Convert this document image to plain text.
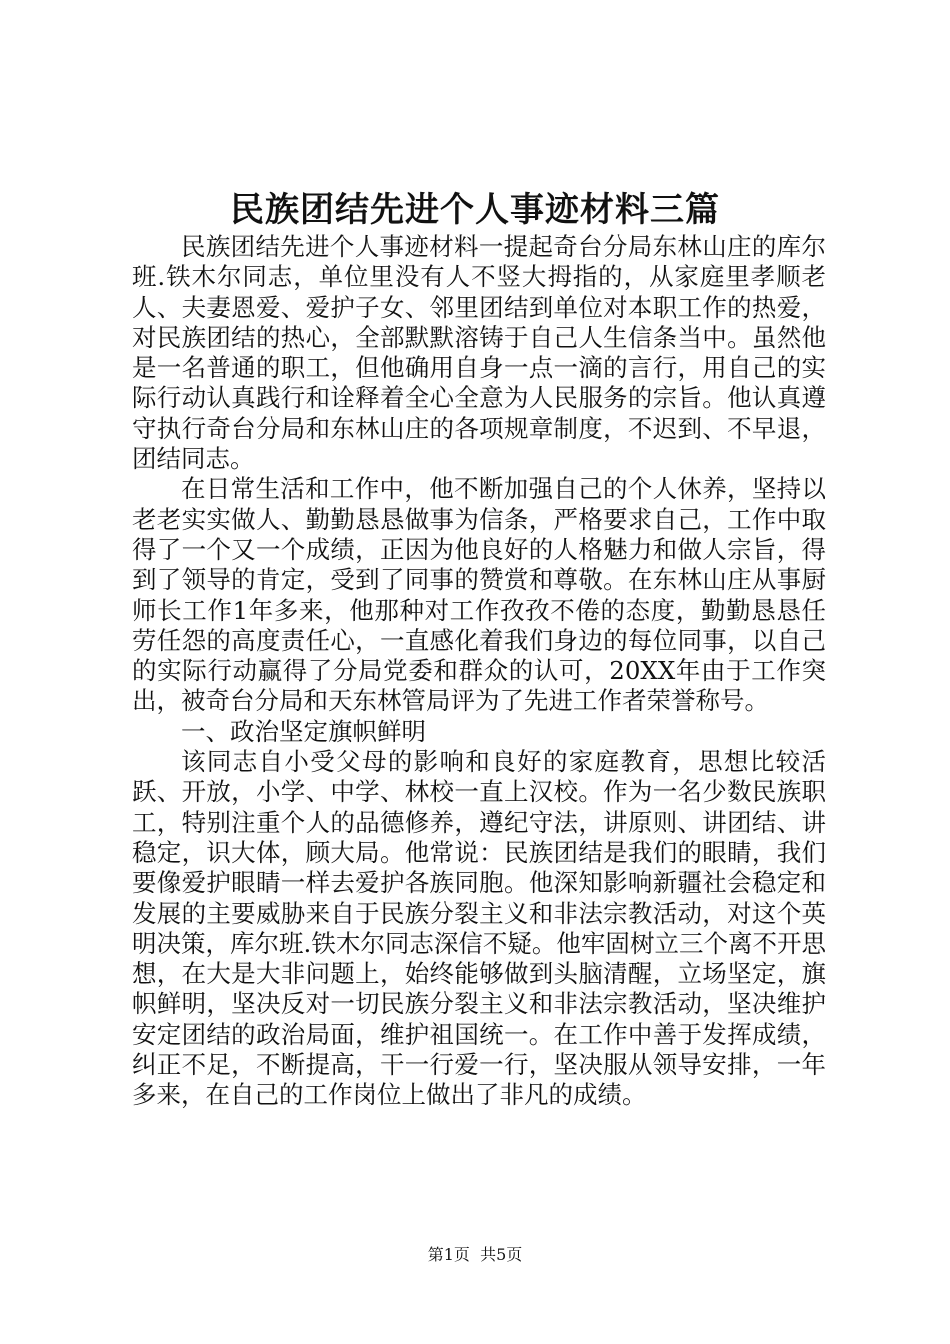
民族团结先进个人事迹材料三篇

民族团结先进个人事迹材料一提起奇台分局东林山庄的库尔班.铁木尔同志，单位里没有人不竖大拇指的，从家庭里孝顺老人、夫妻恩爱、爱护子女、邻里团结到单位对本职工作的热爱，对民族团结的热心，全部默默溶铸于自己人生信条当中。虽然他是一名普通的职工，但他确用自身一点一滴的言行，用自己的实际行动认真践行和诠释着全心全意为人民服务的宗旨。他认真遵守执行奇台分局和东林山庄的各项规章制度，不迟到、不早退，团结同志。

在日常生活和工作中，他不断加强自己的个人休养，坚持以老老实实做人、勤勤恳恳做事为信条，严格要求自己，工作中取得了一个又一个成绩，正因为他良好的人格魅力和做人宗旨，得到了领导的肯定，受到了同事的赞赏和尊敬。在东林山庄从事厨师长工作1年多来，他那种对工作孜孜不倦的态度，勤勤恳恳任劳任怨的高度责任心，一直感化着我们身边的每位同事，以自己的实际行动赢得了分局党委和群众的认可，20XX年由于工作突出，被奇台分局和天东林管局评为了先进工作者荣誉称号。

一、政治坚定旗帜鲜明

该同志自小受父母的影响和良好的家庭教育，思想比较活跃、开放，小学、中学、林校一直上汉校。作为一名少数民族职工，特别注重个人的品德修养，遵纪守法，讲原则、讲团结、讲稳定，识大体，顾大局。他常说：民族团结是我们的眼睛，我们要像爱护眼睛一样去爱护各族同胞。他深知影响新疆社会稳定和发展的主要威胁来自于民族分裂主义和非法宗教活动，对这个英明决策，库尔班.铁木尔同志深信不疑。他牢固树立三个离不开思想，在大是大非问题上，始终能够做到头脑清醒，立场坚定，旗帜鲜明，坚决反对一切民族分裂主义和非法宗教活动，坚决维护安定团结的政治局面，维护祖国统一。在工作中善于发挥成绩，纠正不足，不断提高，干一行爱一行，坚决服从领导安排，一年多来，在自己的工作岗位上做出了非凡的成绩。

第1页 共5页
